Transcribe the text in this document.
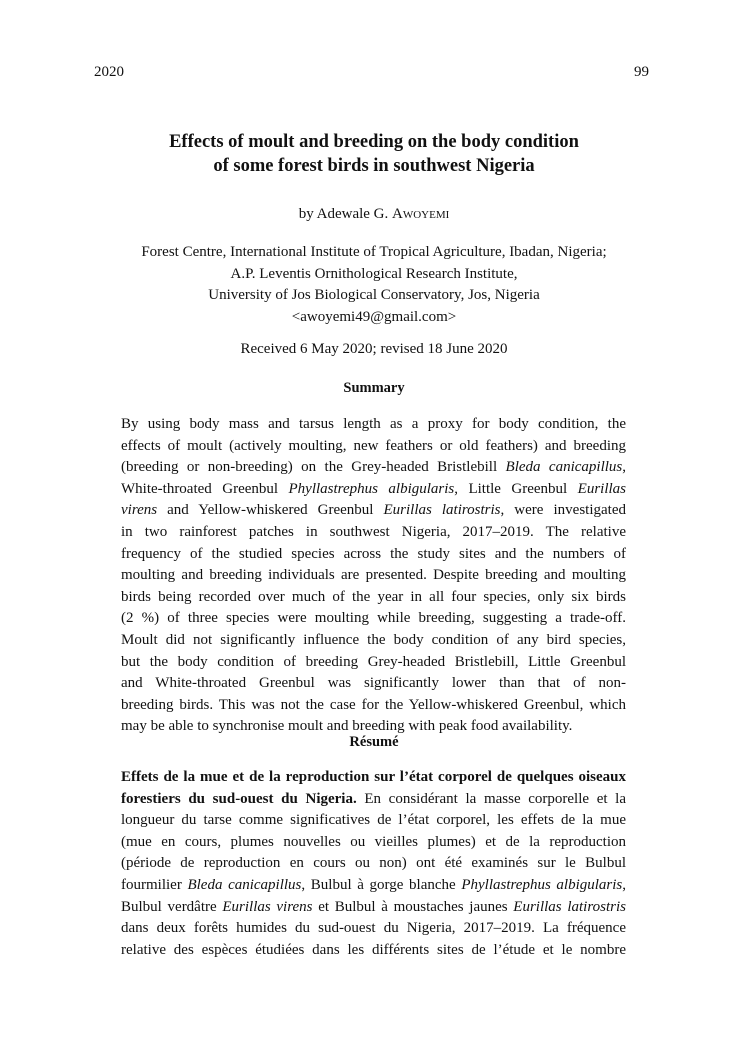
2020	99
Effects of moult and breeding on the body condition
of some forest birds in southwest Nigeria
by Adewale G. Awoyemi
Forest Centre, International Institute of Tropical Agriculture, Ibadan, Nigeria;
A.P. Leventis Ornithological Research Institute,
University of Jos Biological Conservatory, Jos, Nigeria
<awoyemi49@gmail.com>
Received 6 May 2020; revised 18 June 2020
Summary
By using body mass and tarsus length as a proxy for body condition, the
effects of moult (actively moulting, new feathers or old feathers) and breeding
(breeding or non-breeding) on the Grey-headed Bristlebill Bleda canicapillus,
White-throated Greenbul Phyllastrephus albigularis, Little Greenbul Eurillas
virens and Yellow-whiskered Greenbul Eurillas latirostris, were investigated
in two rainforest patches in southwest Nigeria, 2017–2019. The relative
frequency of the studied species across the study sites and the numbers of
moulting and breeding individuals are presented. Despite breeding and moulting
birds being recorded over much of the year in all four species, only six birds
(2 %) of three species were moulting while breeding, suggesting a trade-off.
Moult did not significantly influence the body condition of any bird species,
but the body condition of breeding Grey-headed Bristlebill, Little Greenbul
and White-throated Greenbul was significantly lower than that of non-
breeding birds. This was not the case for the Yellow-whiskered Greenbul, which
may be able to synchronise moult and breeding with peak food availability.
Résumé
Effets de la mue et de la reproduction sur l’état corporel de quelques oiseaux
forestiers du sud-ouest du Nigeria. En considérant la masse corporelle et la
longueur du tarse comme significatives de l’état corporel, les effets de la mue
(mue en cours, plumes nouvelles ou vieilles plumes) et de la reproduction
(période de reproduction en cours ou non) ont été examinés sur le Bulbul
fourmilier Bleda canicapillus, Bulbul à gorge blanche Phyllastrephus albigularis,
Bulbul verdâtre Eurillas virens et Bulbul à moustaches jaunes Eurillas latirostris
dans deux forêts humides du sud-ouest du Nigeria, 2017–2019. La fréquence
relative des espèces étudiées dans les différents sites de l’étude et le nombre
